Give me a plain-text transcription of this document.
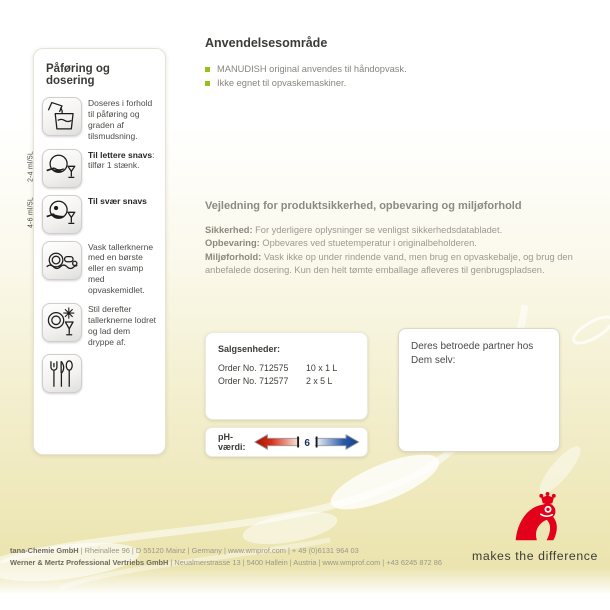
Påføring og dosering

Doseres i forhold til påføring og graden af tilsmudsning.

2-4 ml/5L	Til lettere snavs: tilfør 1 stænk.

4-6 ml/5L	Til svær snavs

Vask tallerknerne med en børste eller en svamp med opvaskemidlet.

Stil derefter tallerknerne lodret og lad dem dryppe af.

Anvendelsesområde
MANUDISH original anvendes til håndopvask.
Ikke egnet til opvaskemaskiner.
Vejledning for produktsikkerhed, opbevaring og miljøforhold

Sikkerhed: For yderligere oplysninger se venligst sikkerhedsdatabladet.

Opbevaring: Opbevares ved stuetemperatur i originalbeholderen.

Miljøforhold: Vask ikke op under rindende vand, men brug en opvaskebalje, og brug den anbefalede dosering. Kun den helt tømte emballage afleveres til genbrugspladsen.

Salgsenheder:
Order No. 712575	10 x 1 L
Order No. 712577	2 x 5 L
pH-værdi:	6

Deres betroede partner hos Dem selv:

tana-Chemie GmbH | Rheinallee 96 | D 55120 Mainz | Germany | www.wmprof.com | + 49 (0)6131 964 03

Werner & Mertz Professional Vertriebs GmbH | Neualmerstrasse 13 | 5400 Hallein | Austria | www.wmprof.com | +43 6245 872 86	makes the difference
